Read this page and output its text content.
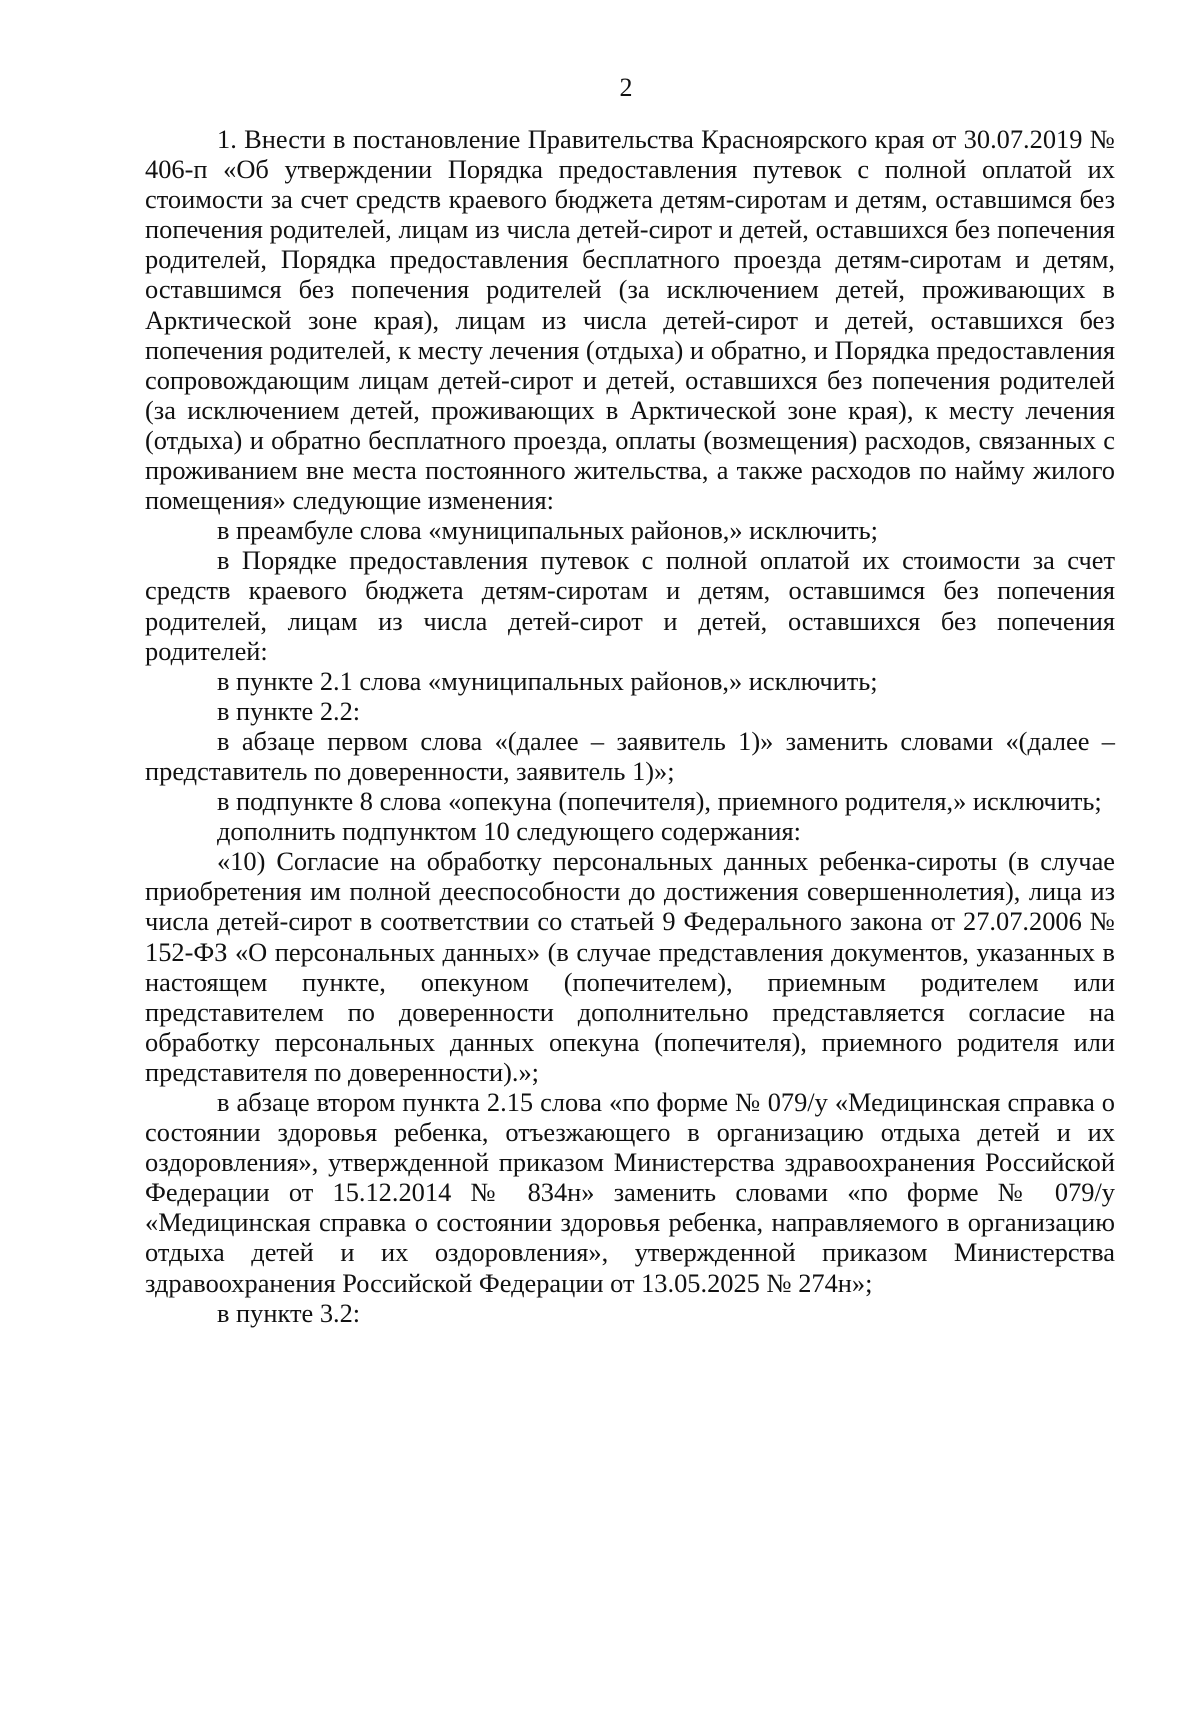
2

1. Внести в постановление Правительства Красноярского края от 30.07.2019 № 406-п «Об утверждении Порядка предоставления путевок с полной оплатой их стоимости за счет средств краевого бюджета детям-сиротам и детям, оставшимся без попечения родителей, лицам из числа детей-сирот и детей, оставшихся без попечения родителей, Порядка предоставления бесплатного проезда детям-сиротам и детям, оставшимся без попечения родителей (за исключением детей, проживающих в Арктической зоне края), лицам из числа детей-сирот и детей, оставшихся без попечения родителей, к месту лечения (отдыха) и обратно, и Порядка предоставления сопровождающим лицам детей-сирот и детей, оставшихся без попечения родителей (за исключением детей, проживающих в Арктической зоне края), к месту лечения (отдыха) и обратно бесплатного проезда, оплаты (возмещения) расходов, связанных с проживанием вне места постоянного жительства, а также расходов по найму жилого помещения» следующие изменения:

в преамбуле слова «муниципальных районов,» исключить;

в Порядке предоставления путевок с полной оплатой их стоимости за счет средств краевого бюджета детям-сиротам и детям, оставшимся без попечения родителей, лицам из числа детей-сирот и детей, оставшихся без попечения родителей:

в пункте 2.1 слова «муниципальных районов,» исключить;

в пункте 2.2:

в абзаце первом слова «(далее – заявитель 1)» заменить словами «(далее – представитель по доверенности, заявитель 1)»;

в подпункте 8 слова «опекуна (попечителя), приемного родителя,» исключить;

дополнить подпунктом 10 следующего содержания:

«10) Согласие на обработку персональных данных ребенка-сироты (в случае приобретения им полной дееспособности до достижения совершеннолетия), лица из числа детей-сирот в соответствии со статьей 9 Федерального закона от 27.07.2006 № 152-ФЗ «О персональных данных» (в случае представления документов, указанных в настоящем пункте, опекуном (попечителем), приемным родителем или представителем по доверенности дополнительно представляется согласие на обработку персональных данных опекуна (попечителя), приемного родителя или представителя по доверенности).»;

в абзаце втором пункта 2.15 слова «по форме № 079/у «Медицинская справка о состоянии здоровья ребенка, отъезжающего в организацию отдыха детей и их оздоровления», утвержденной приказом Министерства здравоохранения Российской Федерации от 15.12.2014 № 834н» заменить словами «по форме № 079/у «Медицинская справка о состоянии здоровья ребенка, направляемого в организацию отдыха детей и их оздоровления», утвержденной приказом Министерства здравоохранения Российской Федерации от 13.05.2025 № 274н»;

в пункте 3.2:
